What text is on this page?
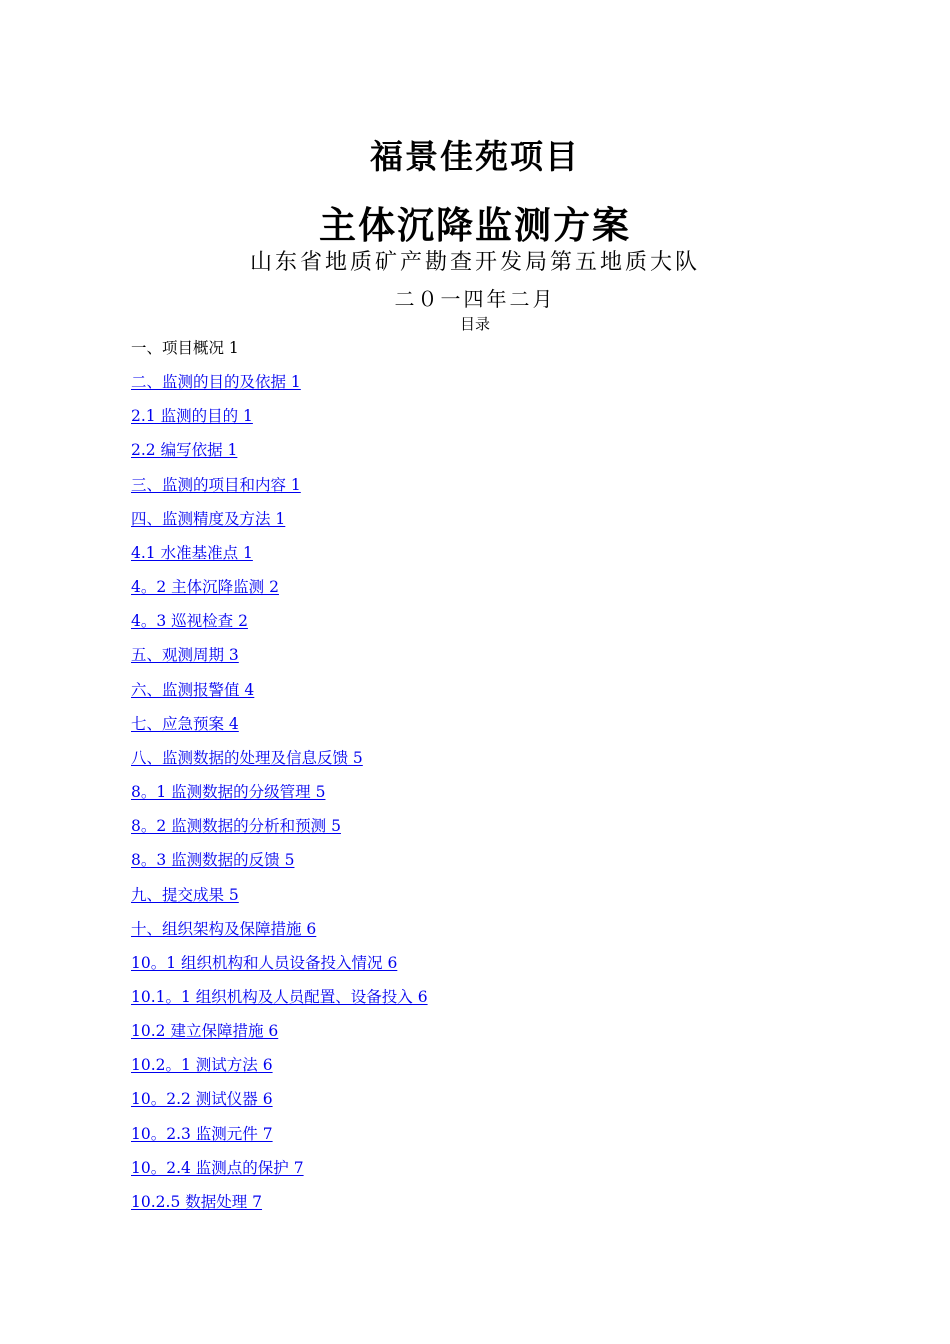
福景佳苑项目
主体沉降监测方案
山东省地质矿产勘查开发局第五地质大队
二０一四年二月
目录
一、项目概况 1
二、监测的目的及依据 1
2.1 监测的目的 1
2.2 编写依据 1
三、监测的项目和内容 1
四、监测精度及方法 1
4.1 水准基准点 1
4。2 主体沉降监测 2
4。3 巡视检查 2
五、观测周期 3
六、监测报警值 4
七、应急预案 4
八、监测数据的处理及信息反馈 5
8。1 监测数据的分级管理 5
8。2 监测数据的分析和预测 5
8。3 监测数据的反馈 5
九、提交成果 5
十、组织架构及保障措施 6
10。1 组织机构和人员设备投入情况 6
10.1。1 组织机构及人员配置、设备投入 6
10.2 建立保障措施 6
10.2。1 测试方法 6
10。2.2 测试仪器 6
10。2.3 监测元件 7
10。2.4 监测点的保护 7
10.2.5 数据处理 7
